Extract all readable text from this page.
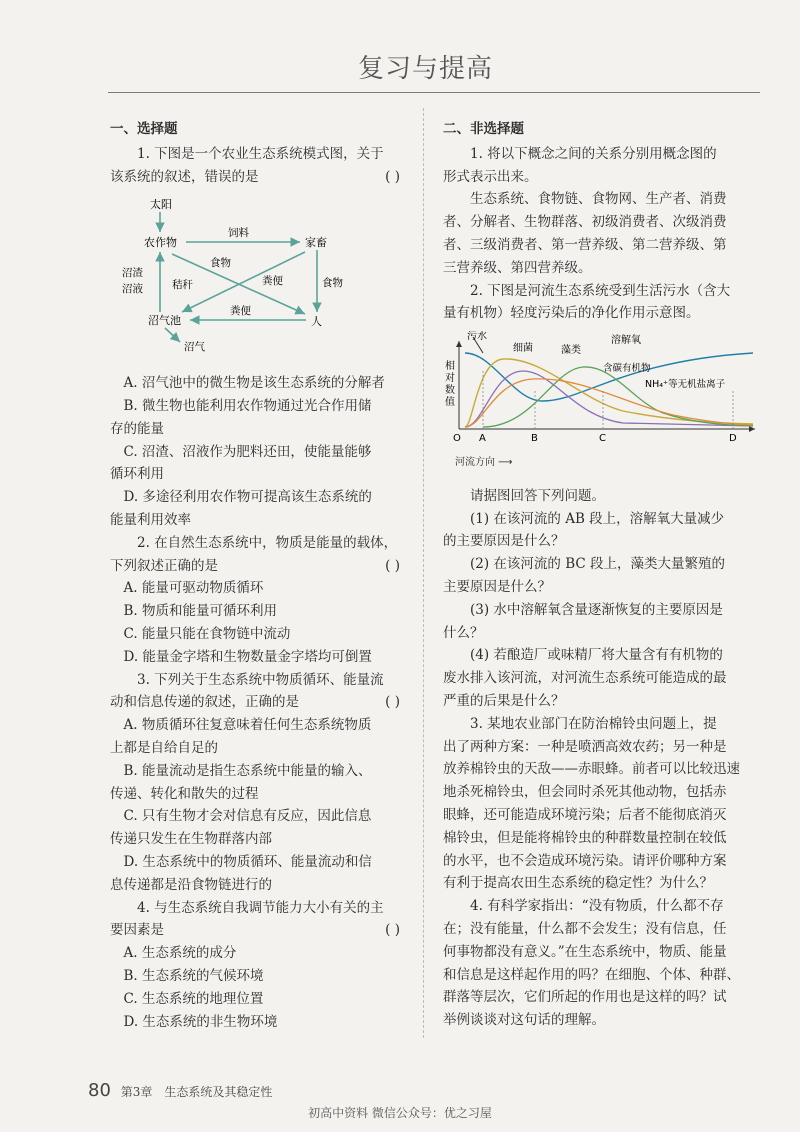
复习与提高

一、选择题

1. 下图是一个农业生态系统模式图，关于

该系统的叙述，错误的是	( )

太阳
农作物	家畜
饲料
食物
人
沼气池
沼渣
沼液
食物
粪便
秸秆
粪便
沼气

A. 沼气池中的微生物是该生态系统的分解者

B. 微生物也能利用农作物通过光合作用储

存的能量

C. 沼渣、沼液作为肥料还田，使能量能够

循环利用

D. 多途径利用农作物可提高该生态系统的

能量利用效率

2. 在自然生态系统中，物质是能量的载体，

下列叙述正确的是	( )

A. 能量可驱动物质循环

B. 物质和能量可循环利用

C. 能量只能在食物链中流动

D. 能量金字塔和生物数量金字塔均可倒置

3. 下列关于生态系统中物质循环、能量流

动和信息传递的叙述，正确的是	( )

A. 物质循环往复意味着任何生态系统物质

上都是自给自足的

B. 能量流动是指生态系统中能量的输入、

传递、转化和散失的过程

C. 只有生物才会对信息有反应，因此信息

传递只发生在生物群落内部

D. 生态系统中的物质循环、能量流动和信

息传递都是沿食物链进行的

4. 与生态系统自我调节能力大小有关的主

要因素是	( )

A. 生态系统的成分

B. 生态系统的气候环境

C. 生态系统的地理位置

D. 生态系统的非生物环境

二、非选择题

1. 将以下概念之间的关系分别用概念图的

形式表示出来。

生态系统、食物链、食物网、生产者、消费

者、分解者、生物群落、初级消费者、次级消费

者、三级消费者、第一营养级、第二营养级、第

三营养级、第四营养级。

2. 下图是河流生态系统受到生活污水（含大

量有机物）轻度污染后的净化作用示意图。

相
对
数
值
污水
细菌	藻类
溶解氧
含碳有机物
NH₄⁺等无机盐离子
O A	B	C	D
河流方向 ⟶

请据图回答下列问题。

(1) 在该河流的 AB 段上，溶解氧大量减少

的主要原因是什么？

(2) 在该河流的 BC 段上，藻类大量繁殖的

主要原因是什么？

(3) 水中溶解氧含量逐渐恢复的主要原因是

什么？

(4) 若酿造厂或味精厂将大量含有有机物的

废水排入该河流，对河流生态系统可能造成的最

严重的后果是什么？

3. 某地农业部门在防治棉铃虫问题上，提

出了两种方案：一种是喷洒高效农药；另一种是

放养棉铃虫的天敌——赤眼蜂。前者可以比较迅速

地杀死棉铃虫，但会同时杀死其他动物，包括赤

眼蜂，还可能造成环境污染；后者不能彻底消灭

棉铃虫，但是能将棉铃虫的种群数量控制在较低

的水平，也不会造成环境污染。请评价哪种方案

有利于提高农田生态系统的稳定性？为什么？

4. 有科学家指出：“没有物质，什么都不存

在；没有能量，什么都不会发生；没有信息，任

何事物都没有意义。”在生态系统中，物质、能量

和信息是这样起作用的吗？在细胞、个体、种群、

群落等层次，它们所起的作用也是这样的吗？试

举例谈谈对这句话的理解。

80 第3章　生态系统及其稳定性
初高中资料 微信公众号：优之习屋
